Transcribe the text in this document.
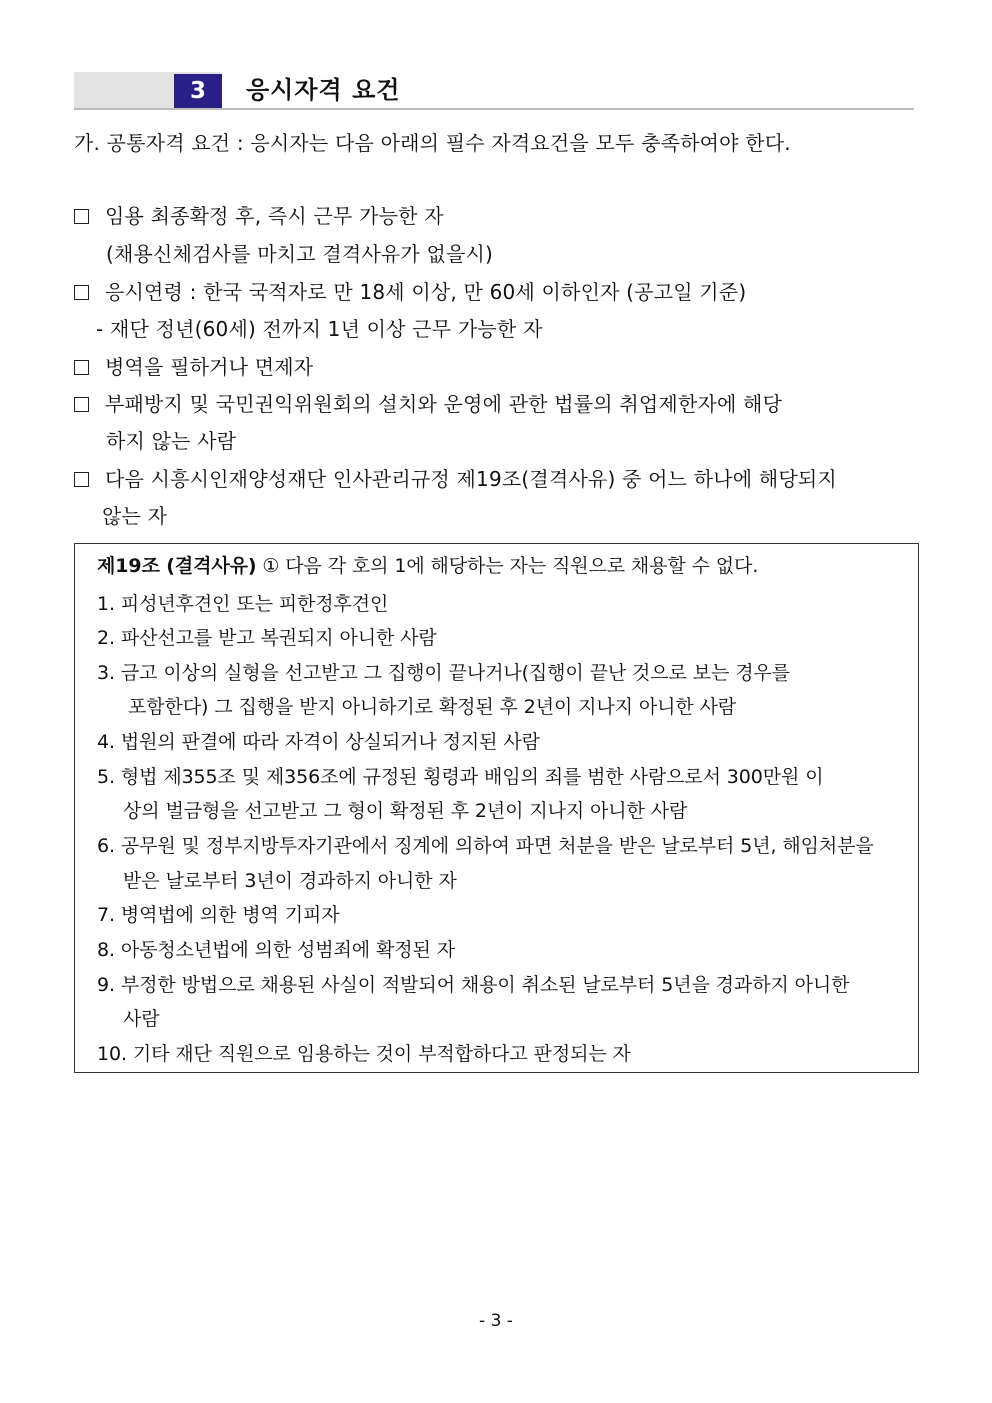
3	응시자격 요건
가. 공통자격 요건 : 응시자는 다음 아래의 필수 자격요건을 모두 충족하여야 한다.
임용 최종확정 후, 즉시 근무 가능한 자
(채용신체검사를 마치고 결격사유가 없을시)
응시연령 : 한국 국적자로 만 18세 이상, 만 60세 이하인자 (공고일 기준)
- 재단 정년(60세) 전까지 1년 이상 근무 가능한 자
병역을 필하거나 면제자
부패방지 및 국민권익위원회의 설치와 운영에 관한 법률의 취업제한자에 해당
하지 않는 사람
다음 시흥시인재양성재단 인사관리규정 제19조(결격사유) 중 어느 하나에 해당되지
않는 자
제19조 (결격사유) ① 다음 각 호의 1에 해당하는 자는 직원으로 채용할 수 없다.
1. 피성년후견인 또는 피한정후견인
2. 파산선고를 받고 복권되지 아니한 사람
3. 금고 이상의 실형을 선고받고 그 집행이 끝나거나(집행이 끝난 것으로 보는 경우를
포함한다) 그 집행을 받지 아니하기로 확정된 후 2년이 지나지 아니한 사람
4. 법원의 판결에 따라 자격이 상실되거나 정지된 사람
5. 형법 제355조 및 제356조에 규정된 횡령과 배임의 죄를 범한 사람으로서 300만원 이
상의 벌금형을 선고받고 그 형이 확정된 후 2년이 지나지 아니한 사람
6. 공무원 및 정부지방투자기관에서 징계에 의하여 파면 처분을 받은 날로부터 5년, 해임처분을
받은 날로부터 3년이 경과하지 아니한 자
7. 병역법에 의한 병역 기피자
8. 아동청소년법에 의한 성범죄에 확정된 자
9. 부정한 방법으로 채용된 사실이 적발되어 채용이 취소된 날로부터 5년을 경과하지 아니한
사람
10. 기타 재단 직원으로 임용하는 것이 부적합하다고 판정되는 자
- 3 -
